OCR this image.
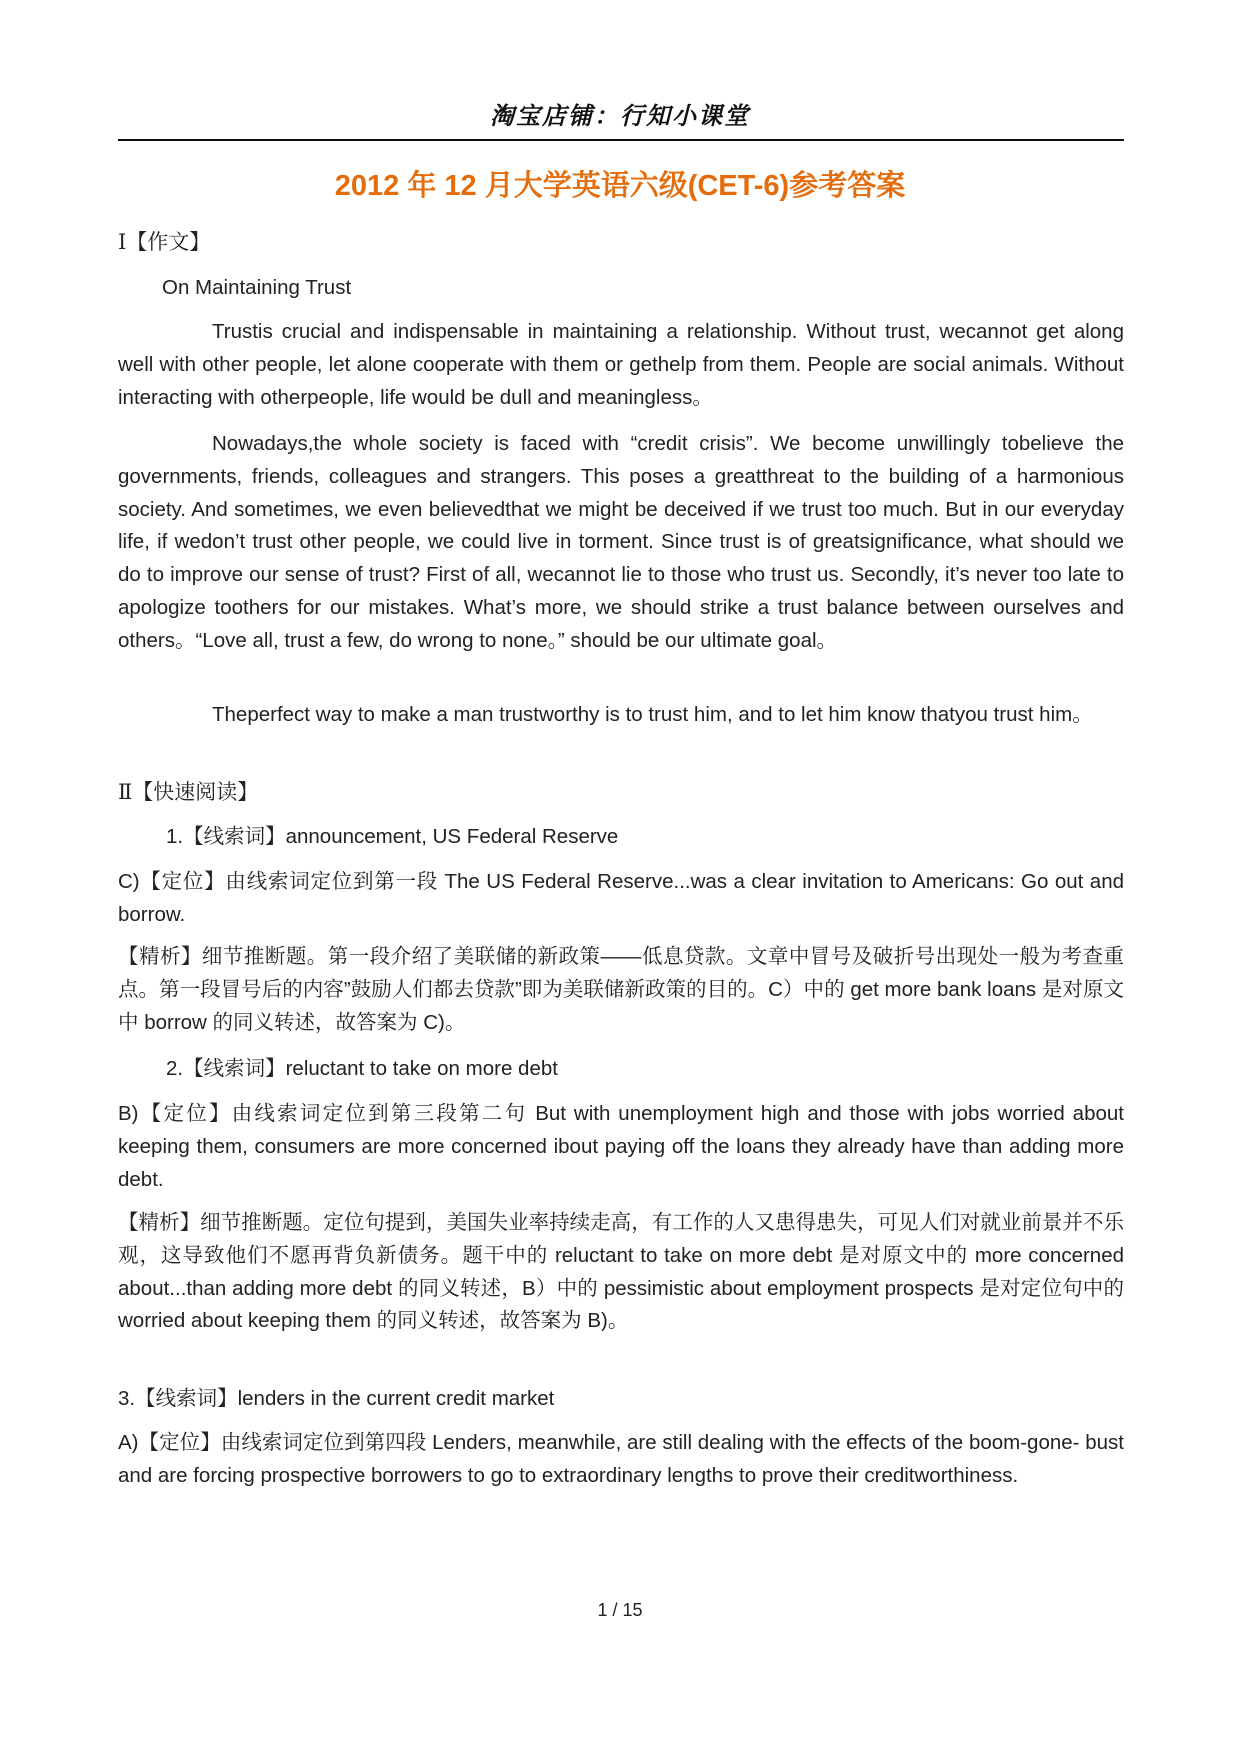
淘宝店铺：行知小课堂
2012 年 12 月大学英语六级(CET-6)参考答案
Ⅰ【作文】
On Maintaining Trust
Trustis crucial and indispensable in maintaining a relationship. Without trust, wecannot get along well with other people, let alone cooperate with them or gethelp from them. People are social animals. Without interacting with otherpeople, life would be dull and meaningless。
Nowadays,the whole society is faced with “credit crisis”. We become unwillingly tobelieve the governments, friends, colleagues and strangers. This poses a greatthreat to the building of a harmonious society. And sometimes, we even believedthat we might be deceived if we trust too much. But in our everyday life, if wedon’t trust other people, we could live in torment. Since trust is of greatsignificance, what should we do to improve our sense of trust? First of all, wecannot lie to those who trust us. Secondly, it’s never too late to apologize toothers for our mistakes. What’s more, we should strike a trust balance between ourselves and others。“Love all, trust a few, do wrong to none。” should be our ultimate goal。
Theperfect way to make a man trustworthy is to trust him, and to let him know thatyou trust him。
Ⅱ【快速阅读】
1.【线索词】announcement, US Federal Reserve
C)【定位】由线索词定位到第一段 The US Federal Reserve...was a clear invitation to Americans: Go out and borrow.
【精析】细节推断题。第一段介绍了美联储的新政策——低息贷款。文章中冒号及破折号出现处一般为考查重点。第一段冒号后的内容”鼓励人们都去贷款”即为美联储新政策的目的。C）中的 get more bank loans 是对原文中 borrow 的同义转述，故答案为 C)。
2.【线索词】reluctant to take on more debt
B)【定位】由线索词定位到第三段第二句 But with unemployment high and those with jobs worried about keeping them, consumers are more concerned ibout paying off the loans they already have than adding more debt.
【精析】细节推断题。定位句提到，美国失业率持续走高，有工作的人又患得患失，可见人们对就业前景并不乐观，这导致他们不愿再背负新债务。题干中的 reluctant to take on more debt 是对原文中的 more concerned about...than adding more debt 的同义转述，B）中的 pessimistic about employment prospects 是对定位句中的 worried about keeping them 的同义转述，故答案为 B)。
3.【线索词】lenders in the current credit market
A)【定位】由线索词定位到第四段 Lenders, meanwhile, are still dealing with the effects of the boom-gone- bust and are forcing prospective borrowers to go to extraordinary lengths to prove their creditworthiness.
1 / 15
